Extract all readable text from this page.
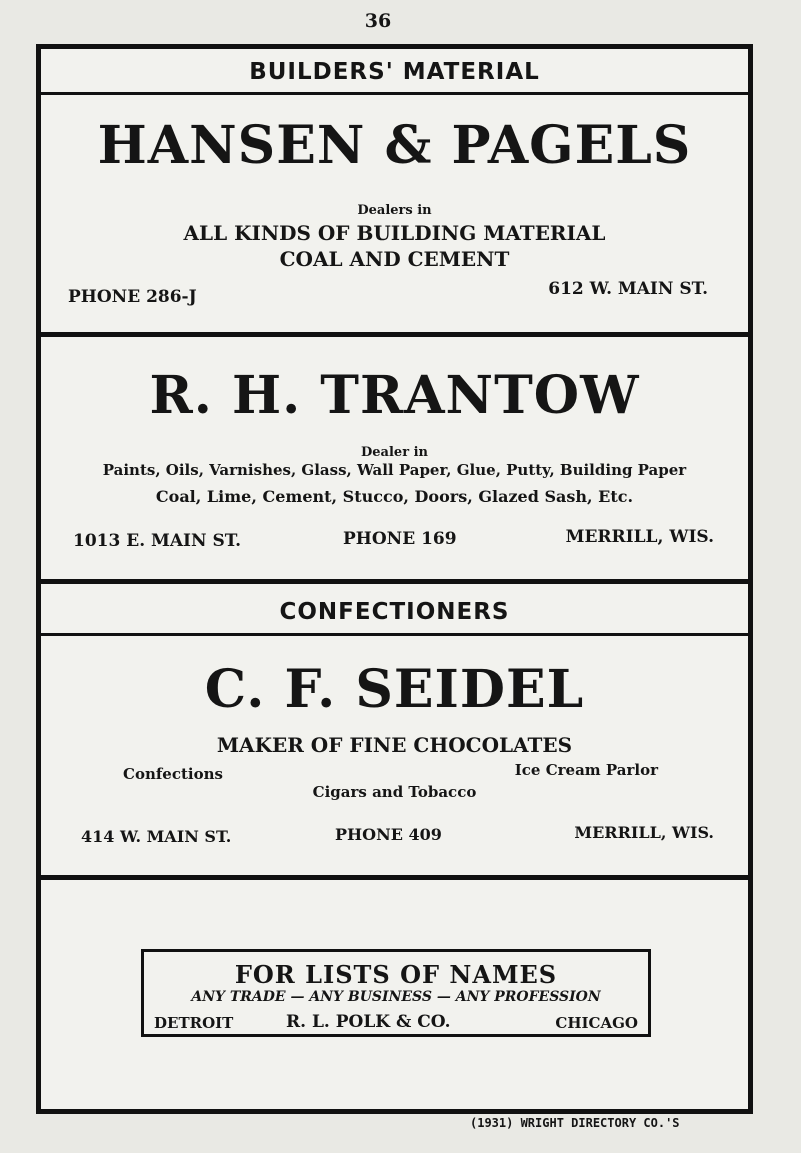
36
BUILDERS' MATERIAL
HANSEN & PAGELS
Dealers in
ALL KINDS OF BUILDING MATERIAL
COAL AND CEMENT
PHONE 286-J	612 W. MAIN ST.
R. H. TRANTOW
Dealer in
Paints, Oils, Varnishes, Glass, Wall Paper, Glue, Putty, Building Paper
Coal, Lime, Cement, Stucco, Doors, Glazed Sash, Etc.
1013 E. MAIN ST.	PHONE 169	MERRILL, WIS.
CONFECTIONERS
C. F. SEIDEL
MAKER OF FINE CHOCOLATES
Confections	Ice Cream Parlor
Cigars and Tobacco
414 W. MAIN ST.	PHONE 409	MERRILL, WIS.
FOR LISTS OF NAMES
ANY TRADE — ANY BUSINESS — ANY PROFESSION
DETROIT	R. L. POLK & CO.	CHICAGO
(1931) WRIGHT DIRECTORY CO.'S
